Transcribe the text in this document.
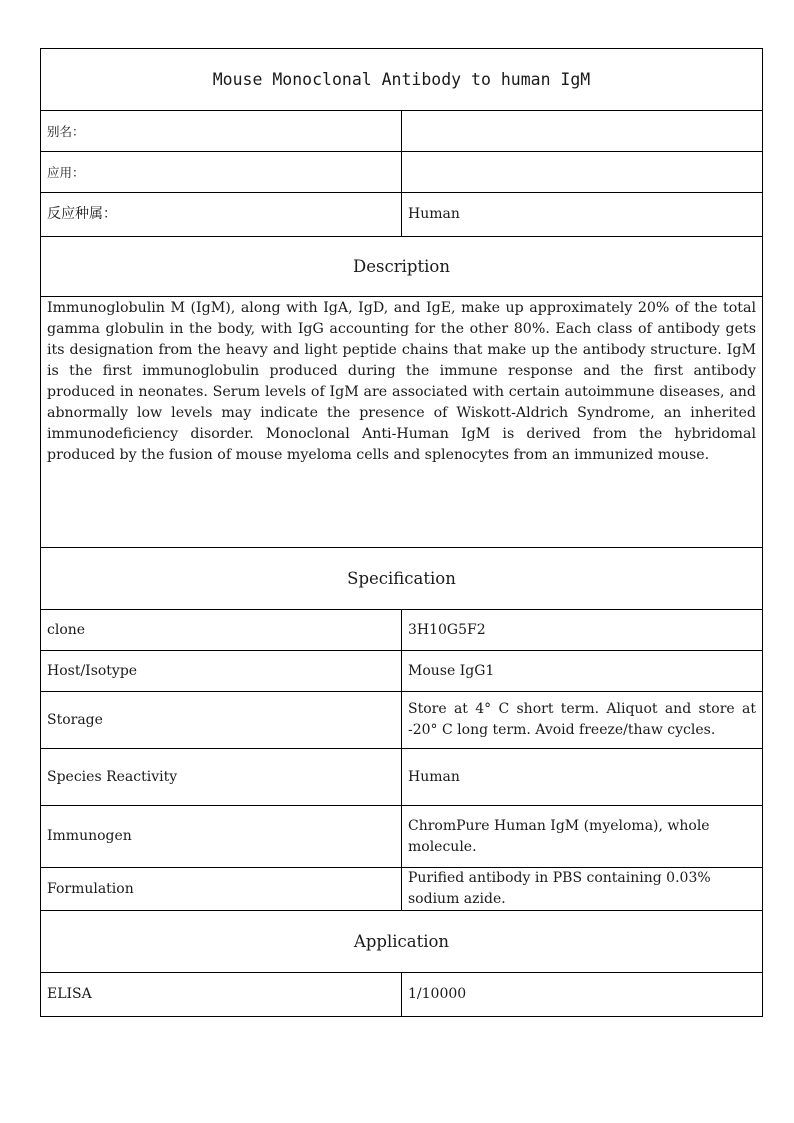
Mouse Monoclonal Antibody to human IgM	
别名：	
应用：	
反应种属：	Human
Description	

Immunoglobulin M (IgM), along with IgA, IgD, and IgE, make up approximately 20% of the total gamma globulin in the body, with IgG accounting for the other 80%. Each class of antibody gets its designation from the heavy and light peptide chains that make up the antibody structure. IgM is the first immunoglobulin produced during the immune response and the first antibody produced in neonates. Serum levels of IgM are associated with certain autoimmune diseases, and abnormally low levels may indicate the presence of Wiskott-Aldrich Syndrome, an inherited immunodeficiency disorder. Monoclonal Anti-Human IgM is derived from the hybridomal produced by the fusion of mouse myeloma cells and splenocytes from an immunized mouse.	

Specification	
clone	3H10G5F2
Host/Isotype	Mouse IgG1
Storage	Store at 4° C short term. Aliquot and store at -20° C long term. Avoid freeze/thaw cycles.
Species Reactivity	Human
Immunogen	ChromPure Human IgM (myeloma), whole molecule.
Formulation	Purified antibody in PBS containing 0.03% sodium azide.
Application	
ELISA	1/10000
